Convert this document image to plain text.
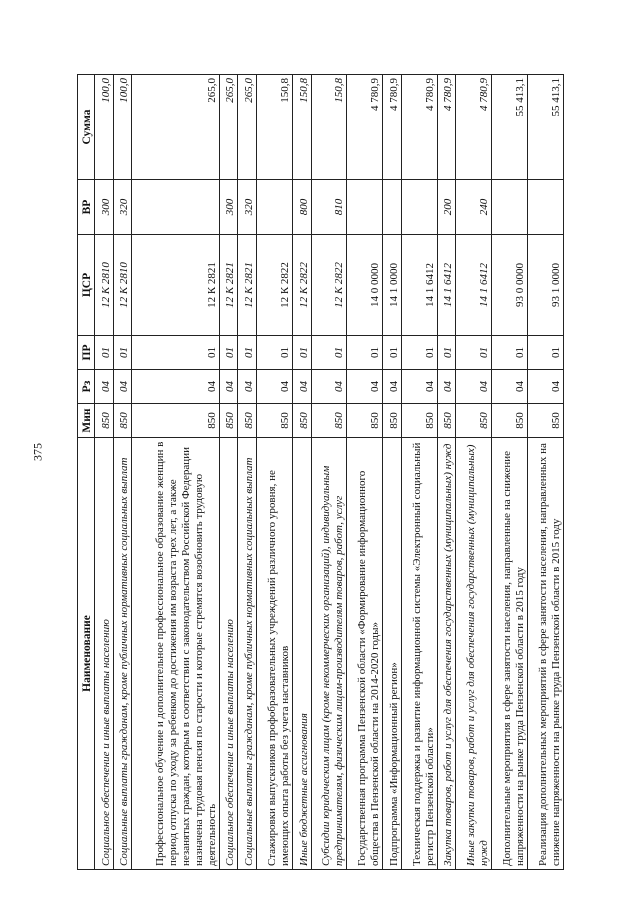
375
Наименование	Мин	Рз	ПР	ЦСР	ВР	Сумма
Социальное обеспечение и иные выплаты населению	850	04	01	12 К 2810	300	100,0
Социальные выплаты гражданам, кроме публичных нормативных социальных выплат	850	04	01	12 К 2810	320	100,0
Профессиональное обучение и дополнительное профессиональное образование женщин в период отпуска по уходу за ребенком до достижения им возраста трех лет, а также незанятых граждан, которым в соответствии с законодательством Российской Федерации назначена трудовая пенсия по старости и которые стремятся возобновить трудовую деятельность	850	04	01	12 К 2821		265,0
Социальное обеспечение и иные выплаты населению	850	04	01	12 К 2821	300	265,0
Социальные выплаты гражданам, кроме публичных нормативных социальных выплат	850	04	01	12 К 2821	320	265,0
Стажировки выпускников профобразовательных учреждений различного уровня, не имеющих опыта работы без учета наставников	850	04	01	12 К 2822		150,8
Иные бюджетные ассигнования	850	04	01	12 К 2822	800	150,8
Субсидии юридическим лицам (кроме некоммерческих организаций), индивидуальным предпринимателям, физическим лицам-производителям товаров, работ, услуг	850	04	01	12 К 2822	810	150,8
Государственная программа Пензенской области «Формирование информационного общества в Пензенской области на 2014-2020 годы»	850	04	01	14 0 0000		4 780,9
Подпрограмма «Информационный регион»	850	04	01	14 1 0000		4 780,9
Техническая поддержка и развитие информационной системы «Электронный социальный регистр Пензенской области»	850	04	01	14 1 6412		4 780,9
Закупка товаров, работ и услуг для обеспечения государственных (муниципальных) нужд	850	04	01	14 1 6412	200	4 780,9
Иные закупки товаров, работ и услуг для обеспечения государственных (муниципальных) нужд	850	04	01	14 1 6412	240	4 780,9
Дополнительные мероприятия в сфере занятости населения, направленные на снижение напряженности на рынке труда Пензенской области в 2015 году	850	04	01	93 0 0000		55 413,1
Реализация дополнительных мероприятий в сфере занятости населения, направленных на снижение напряженности на рынке труда Пензенской области в 2015 году	850	04	01	93 1 0000		55 413,1
